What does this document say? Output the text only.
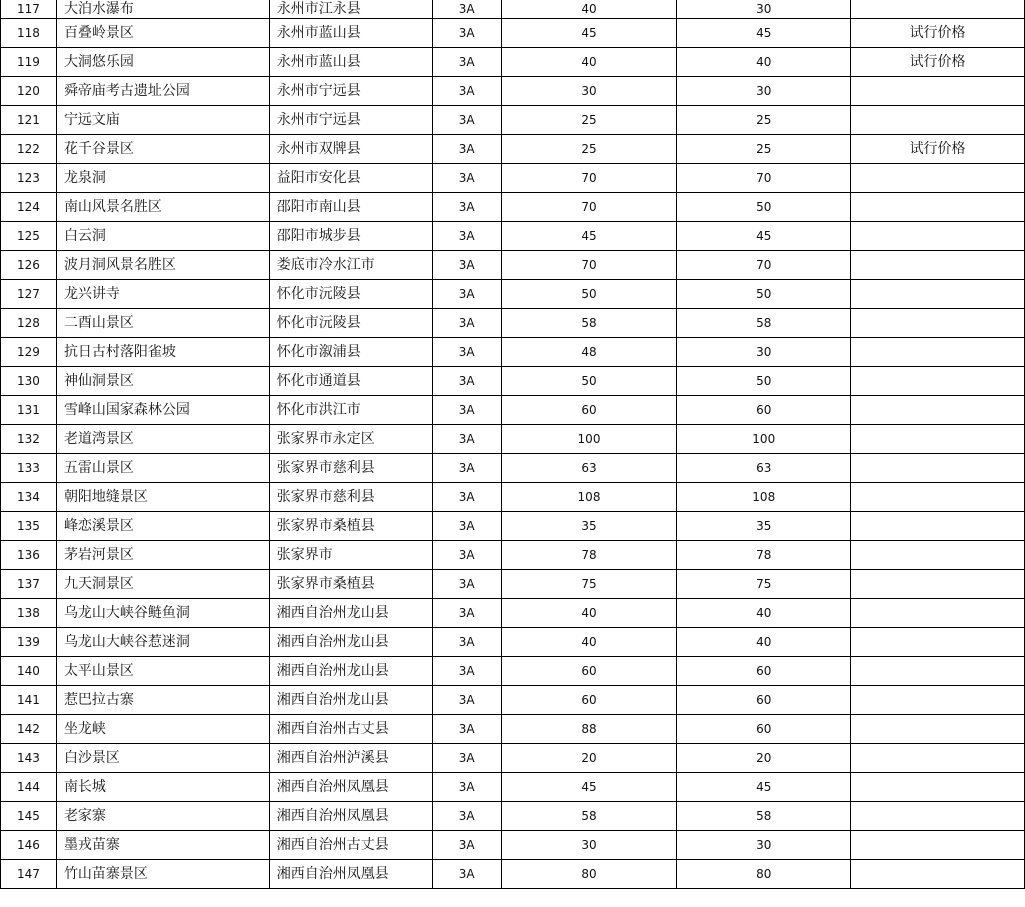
117	大泊水瀑布	永州市江永县	3A	40	30	
118	百叠岭景区	永州市蓝山县	3A	45	45	试行价格
119	大洞悠乐园	永州市蓝山县	3A	40	40	试行价格
120	舜帝庙考古遗址公园	永州市宁远县	3A	30	30	
121	宁远文庙	永州市宁远县	3A	25	25	
122	花千谷景区	永州市双牌县	3A	25	25	试行价格
123	龙泉洞	益阳市安化县	3A	70	70	
124	南山风景名胜区	邵阳市南山县	3A	70	50	
125	白云洞	邵阳市城步县	3A	45	45	
126	波月洞风景名胜区	娄底市冷水江市	3A	70	70	
127	龙兴讲寺	怀化市沅陵县	3A	50	50	
128	二酉山景区	怀化市沅陵县	3A	58	58	
129	抗日古村落阳雀坡	怀化市溆浦县	3A	48	30	
130	神仙洞景区	怀化市通道县	3A	50	50	
131	雪峰山国家森林公园	怀化市洪江市	3A	60	60	
132	老道湾景区	张家界市永定区	3A	100	100	
133	五雷山景区	张家界市慈利县	3A	63	63	
134	朝阳地缝景区	张家界市慈利县	3A	108	108	
135	峰恋溪景区	张家界市桑植县	3A	35	35	
136	茅岩河景区	张家界市	3A	78	78	
137	九天洞景区	张家界市桑植县	3A	75	75	
138	乌龙山大峡谷鲢鱼洞	湘西自治州龙山县	3A	40	40	
139	乌龙山大峡谷惹迷洞	湘西自治州龙山县	3A	40	40	
140	太平山景区	湘西自治州龙山县	3A	60	60	
141	惹巴拉古寨	湘西自治州龙山县	3A	60	60	
142	坐龙峡	湘西自治州古丈县	3A	88	60	
143	白沙景区	湘西自治州泸溪县	3A	20	20	
144	南长城	湘西自治州凤凰县	3A	45	45	
145	老家寨	湘西自治州凤凰县	3A	58	58	
146	墨戎苗寨	湘西自治州古丈县	3A	30	30	
147	竹山苗寨景区	湘西自治州凤凰县	3A	80	80	
